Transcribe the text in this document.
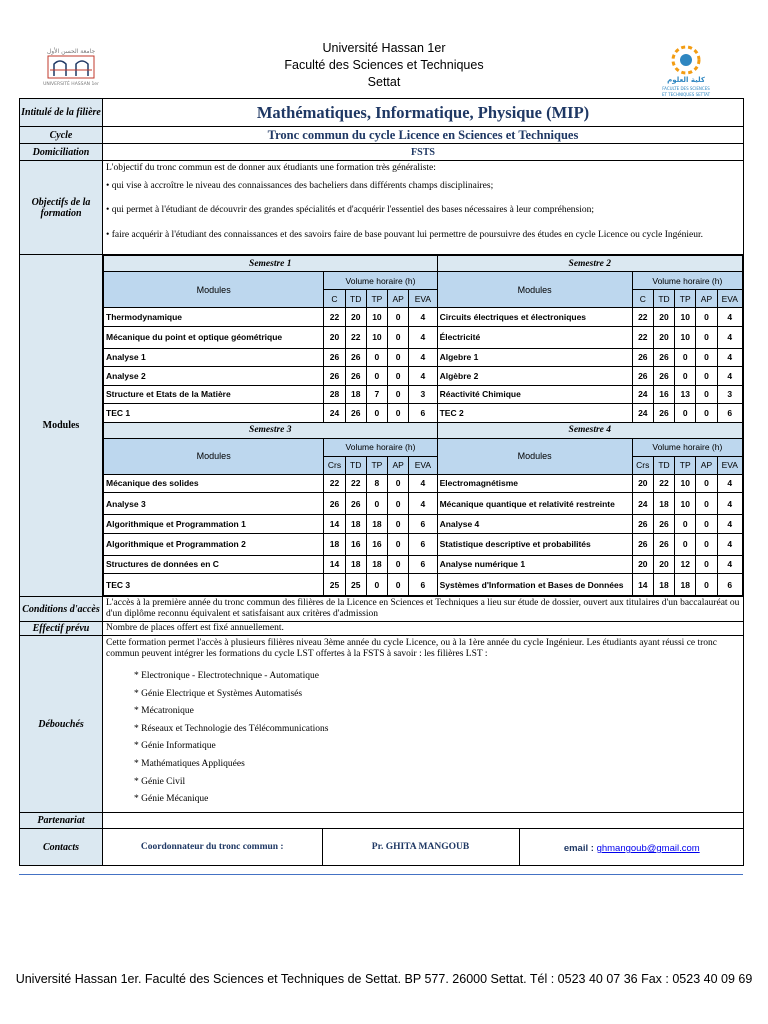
جامعة الحسن الأول
UNIVERSITÉ HASSAN 1er
Université Hassan 1er
Faculté des Sciences et Techniques
Settat	كلية العلوم
FACULTE DES SCIENCES
ET TECHNIQUES SETTAT
Intitulé de la filière	Mathématiques, Informatique, Physique (MIP)
Cycle	Tronc commun du cycle Licence en Sciences et Techniques
Domiciliation	FSTS
Objectifs de la formation	

L'objectif du tronc commun est de donner aux étudiants une formation très généraliste:

• qui vise à accroître le niveau des connaissances des bacheliers dans différents champs disciplinaires;

• qui permet à l'étudiant de découvrir des grandes spécialités et d'acquérir l'essentiel des bases nécessaires à leur compréhension;

• faire acquérir à l'étudiant des connaissances et des savoirs faire de base pouvant lui permettre de poursuivre des études en cycle Licence ou cycle Ingénieur.

Modules	
Semestre 1	Semestre 2
Modules	Volume horaire (h)	Modules	Volume horaire (h)
C	TD	TP	AP	EVA	C	TD	TP	AP	EVA
Thermodynamique	22	20	10	0	4	Circuits électriques et électroniques	22	20	10	0	4
Mécanique du point et optique géométrique	20	22	10	0	4	Électricité	22	20	10	0	4
Analyse 1	26	26	0	0	4	Algebre 1	26	26	0	0	4
Analyse 2	26	26	0	0	4	Algèbre 2	26	26	0	0	4
Structure et Etats de la Matière	28	18	7	0	3	Réactivité Chimique	24	16	13	0	3
TEC 1	24	26	0	0	6	TEC 2	24	26	0	0	6
Semestre 3	Semestre 4
Modules	Volume horaire (h)	Modules	Volume horaire (h)
Crs	TD	TP	AP	EVA	Crs	TD	TP	AP	EVA
Mécanique des solides	22	22	8	0	4	Electromagnétisme	20	22	10	0	4
Analyse 3	26	26	0	0	4	Mécanique quantique et relativité restreinte	24	18	10	0	4
Algorithmique et Programmation 1	14	18	18	0	6	Analyse 4	26	26	0	0	4
Algorithmique et Programmation 2	18	16	16	0	6	Statistique descriptive et probabilités	26	26	0	0	4
Structures de données en C	14	18	18	0	6	Analyse numérique 1	20	20	12	0	4
TEC 3	25	25	0	0	6	Systèmes d'Information et Bases de Données	14	18	18	0	6

Conditions d'accès	L'accès à la première année du tronc commun des filières de la Licence en Sciences et Techniques a lieu sur étude de dossier, ouvert aux titulaires d'un baccalauréat ou d'un diplôme reconnu équivalent et satisfaisant aux critères d'admission
Effectif prévu	Nombre de places offert est fixé annuellement.
Débouchés	
Cette formation permet l'accès à plusieurs filières niveau 3ème année du cycle Licence, ou à la 1ère année du cycle Ingénieur. Les étudiants ayant réussi ce tronc commun peuvent intégrer les formations du cycle LST offertes à la FSTS à savoir : les filières LST :
* Electronique - Electrotechnique - Automatique
* Génie Electrique et Systèmes Automatisés
* Mécatronique
* Réseaux et Technologie des Télécommunications
* Génie Informatique
* Mathématiques Appliquées
* Génie Civil
* Génie Mécanique

Partenariat	
Contacts		Coordonnateur du tronc commun :	Pr. GHITA MANGOUB	email : ghmangoub@gmail.com
Université Hassan 1er. Faculté des Sciences et Techniques de Settat. BP 577. 26000 Settat. Tél : 0523 40 07 36 Fax : 0523 40 09 69
